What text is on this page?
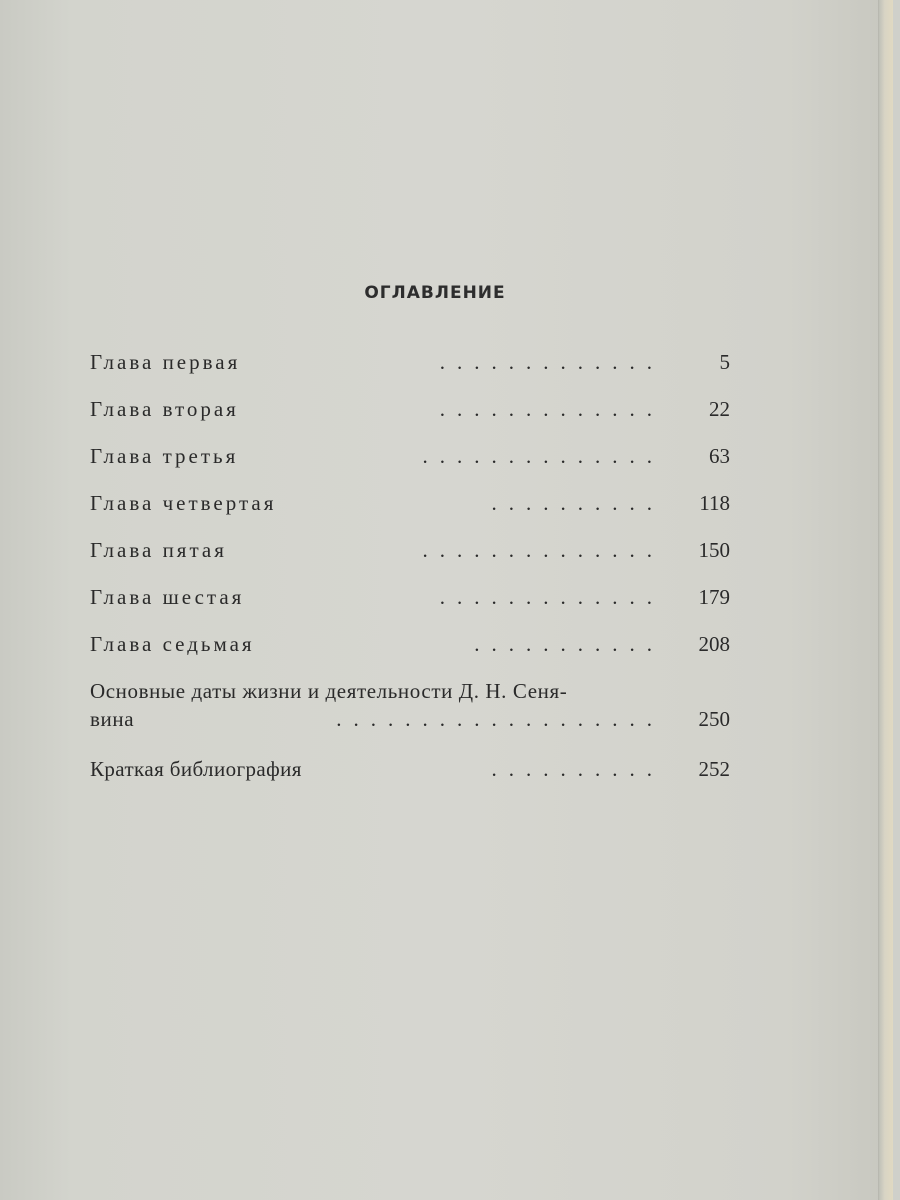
ОГЛАВЛЕНИЕ
Глава первая	.............	5
Глава вторая	.............	22
Глава третья	..............	63
Глава четвертая	..........	118
Глава пятая	..............	150
Глава шестая	.............	179
Глава седьмая	...........	208
Основные даты жизни и деятельности Д. Н. Сеня-
вина	...................	250
Краткая библиография	..........	252
